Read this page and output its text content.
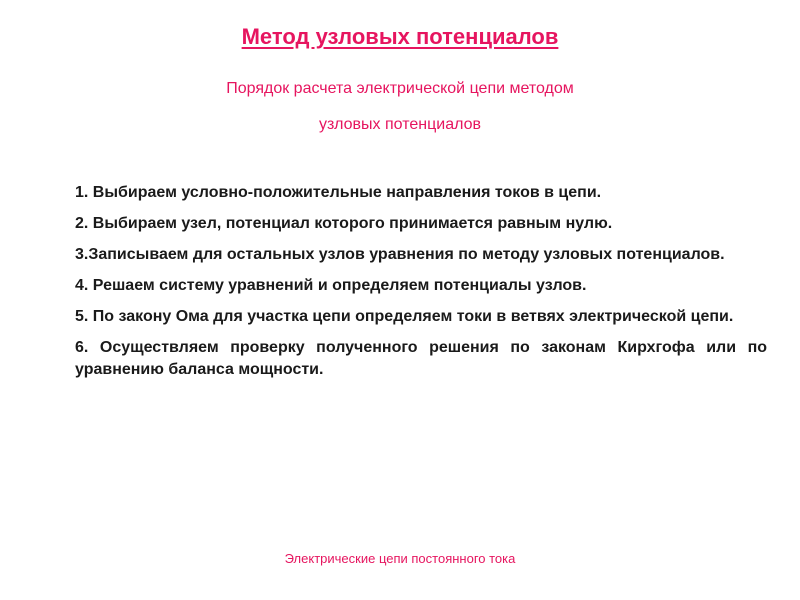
Метод узловых потенциалов

Порядок расчета электрической цепи методом

узловых потенциалов

1. Выбираем условно-положительные направления токов в цепи.
2. Выбираем узел, потенциал которого принимается равным нулю.
3.Записываем для остальных узлов уравнения по методу узловых потенциалов.
4. Решаем систему уравнений и определяем потенциалы узлов.
5. По закону Ома для участка цепи определяем токи в ветвях электрической цепи.
6. Осуществляем проверку полученного решения по законам Кирхгофа или по уравнению баланса мощности.

Электрические цепи постоянного тока
